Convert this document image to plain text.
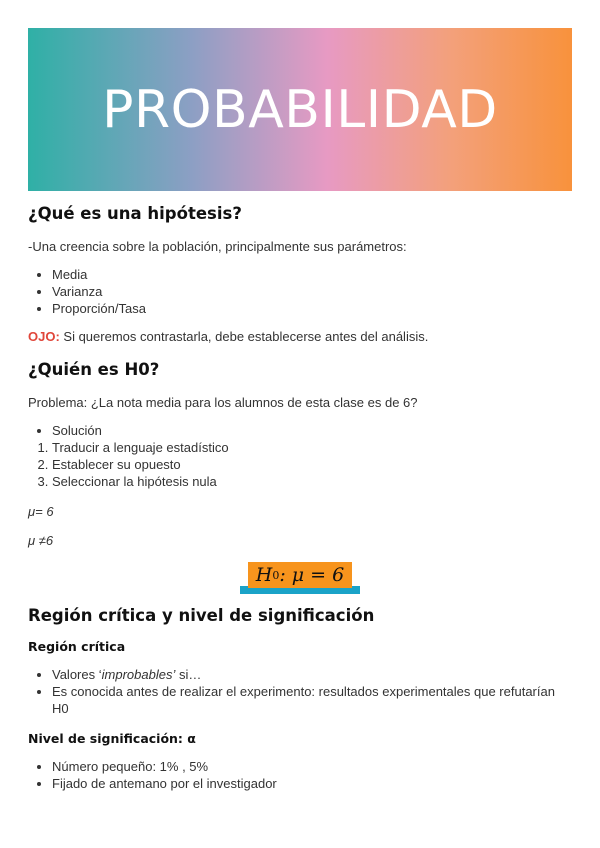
PROBABILIDAD
¿Qué es una hipótesis?

-Una creencia sobre la población, principalmente sus parámetros:

• Media
• Varianza
• Proporción/Tasa

OJO: Si queremos contrastarla, debe establecerse antes del análisis.

¿Quién es H0?

Problema: ¿La nota media para los alumnos de esta clase es de 6?

• Solución
1. Traducir a lenguaje estadístico
2. Establecer su opuesto
3. Seleccionar la hipótesis nula

μ= 6

μ ≠6

H 0 : μ = 6
Región crítica y nivel de significación
Región crítica
• Valores ‘improbables’ si…
• Es conocida antes de realizar el experimento: resultados experimentales que refutarían H0
Nivel de significación: α
• Número pequeño: 1% , 5%
• Fijado de antemano por el investigador
